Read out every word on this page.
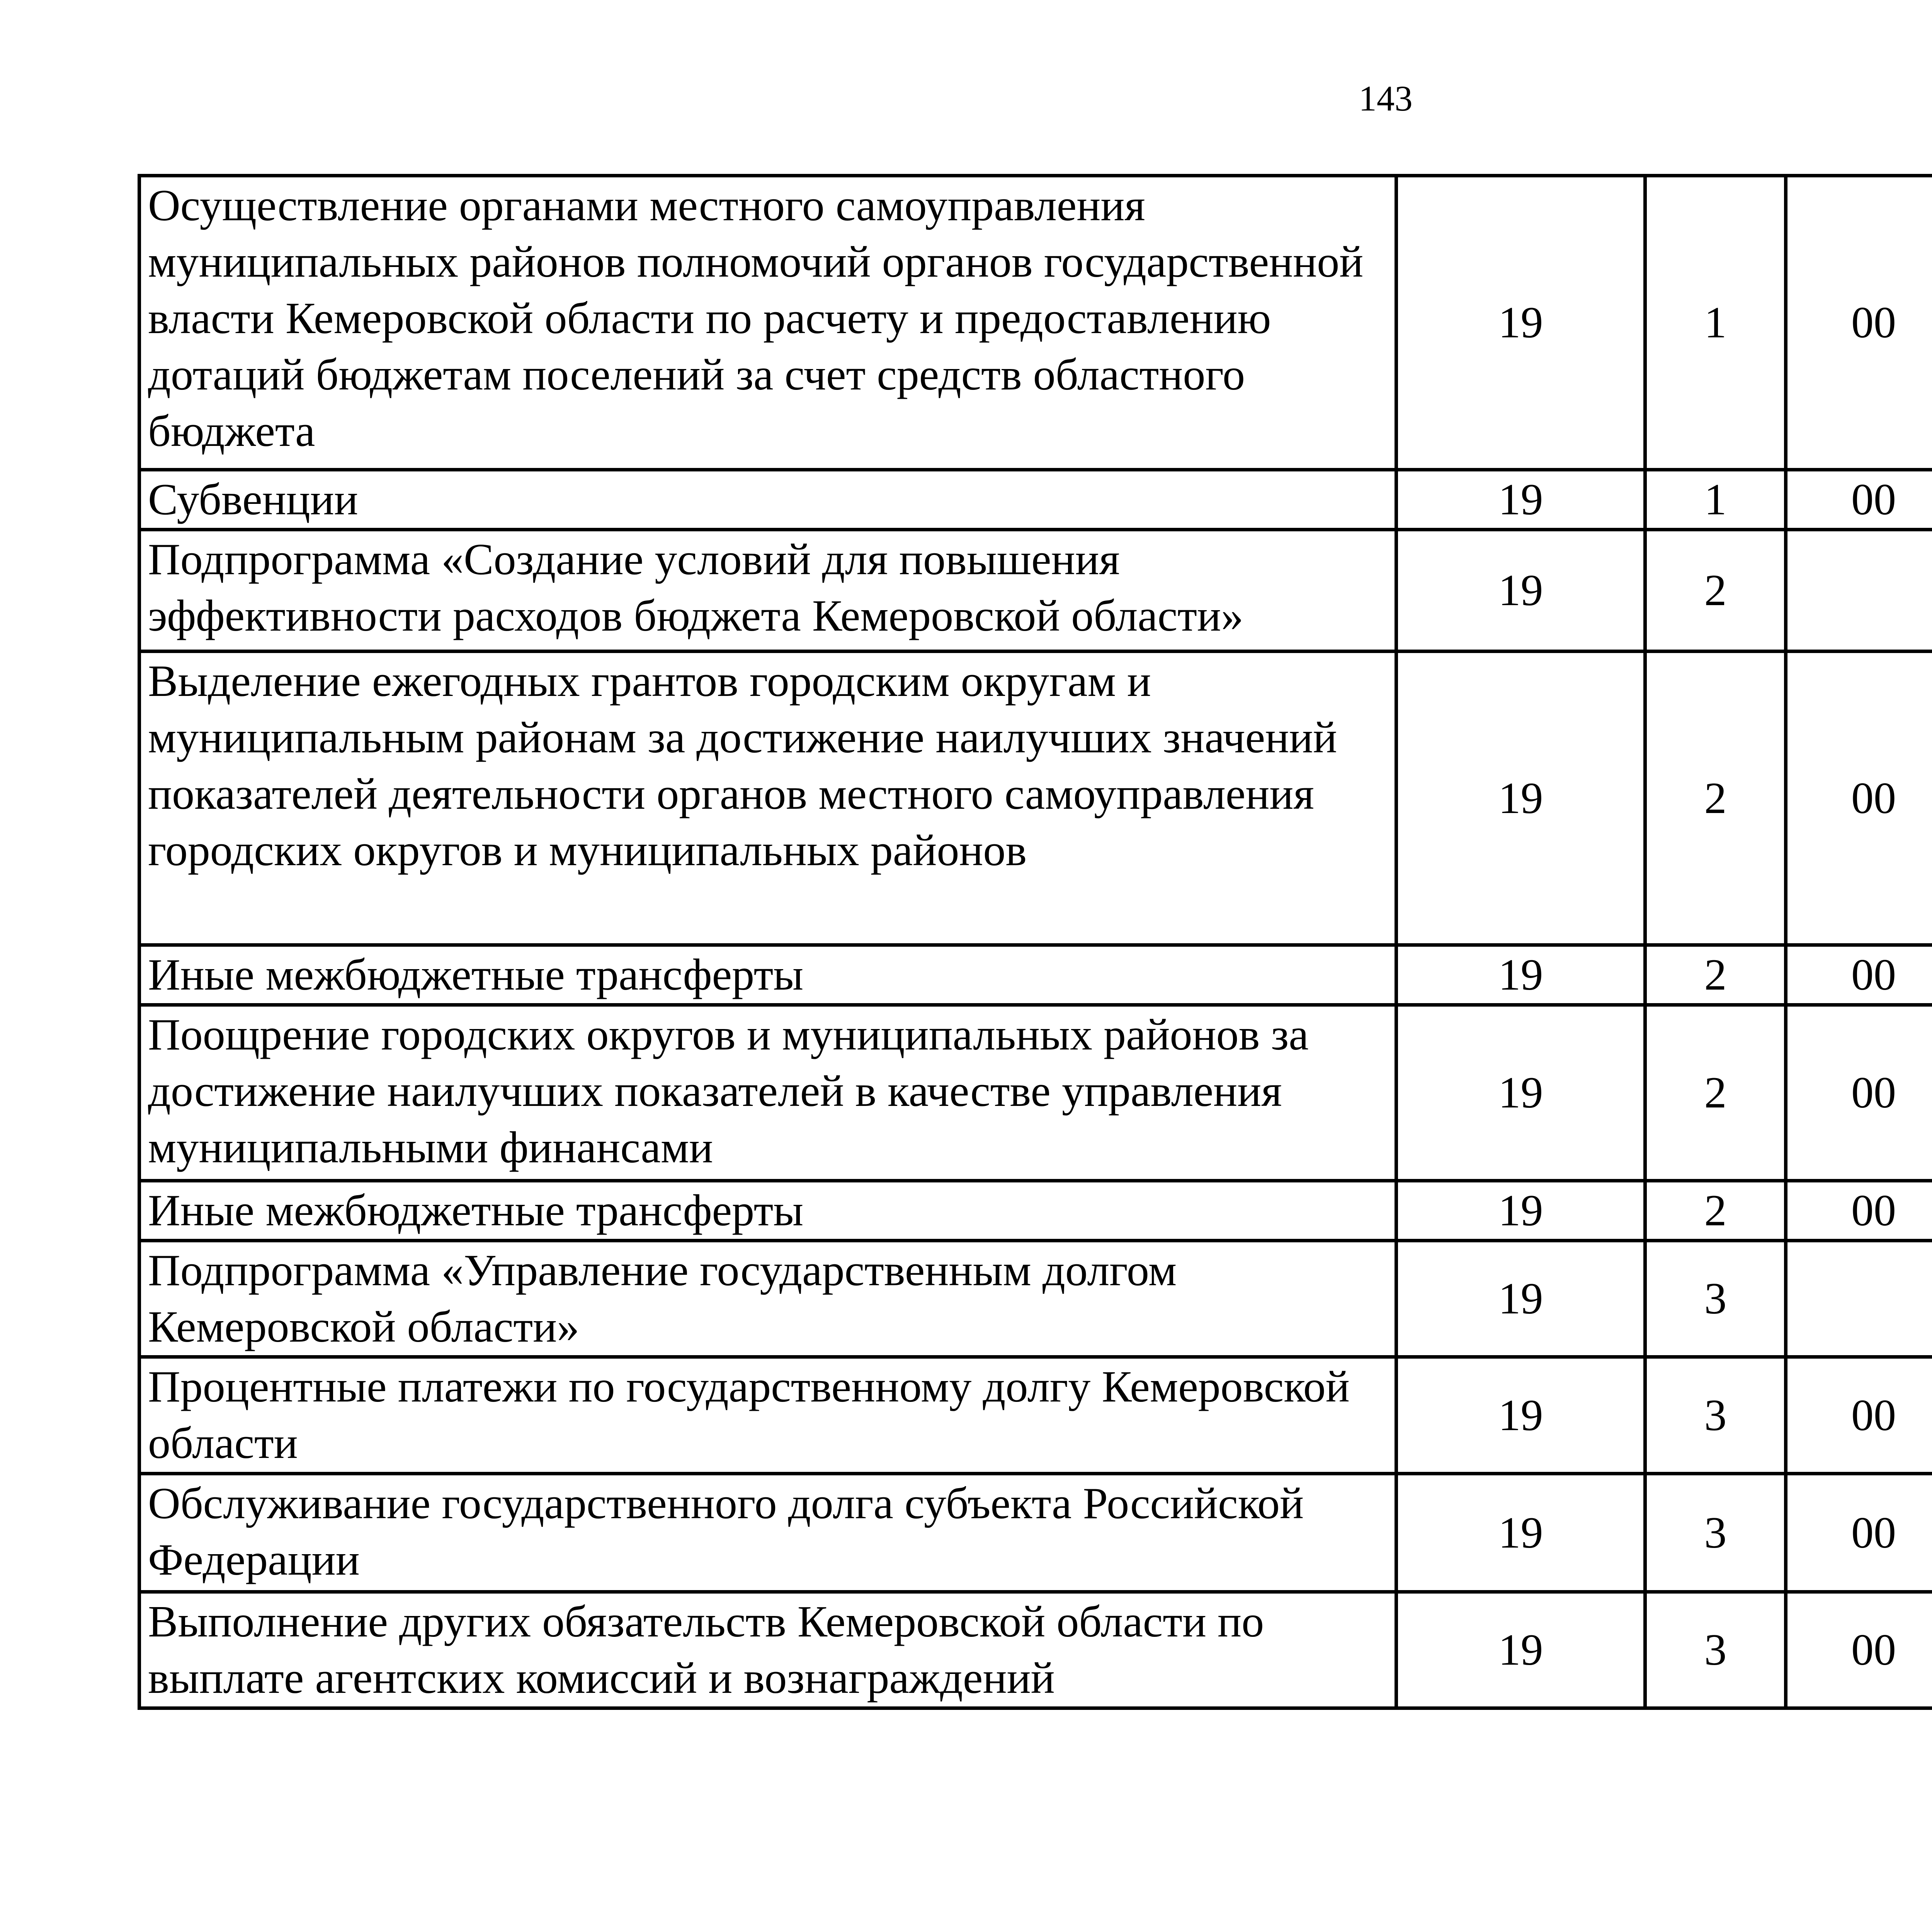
143
Осуществление органами местного самоуправления муниципальных районов полномочий органов государственной власти Кемеровской области по расчету и предоставлению дотаций бюджетам поселений за счет средств областного бюджета	19	1	00			
Субвенции	19	1	00			
Подпрограмма «Создание условий для повышения эффективности расходов бюджета Кемеровской области»	19	2				
Выделение ежегодных грантов городским округам и муниципальным районам за достижение наилучших значений показателей деятельности органов местного самоуправления городских округов и муниципальных районов	19	2	00			
Иные межбюджетные трансферты	19	2	00			
Поощрение городских округов и муниципальных районов за достижение наилучших показателей в качестве управления муниципальными финансами	19	2	00			
Иные межбюджетные трансферты	19	2	00			
Подпрограмма «Управление государственным долгом Кемеровской области»	19	3				
Процентные платежи по государственному долгу Кемеровской области	19	3	00			
Обслуживание государственного долга субъекта Российской Федерации	19	3	00			
Выполнение других обязательств Кемеровской области по выплате агентских комиссий и вознаграждений	19	3	00			
